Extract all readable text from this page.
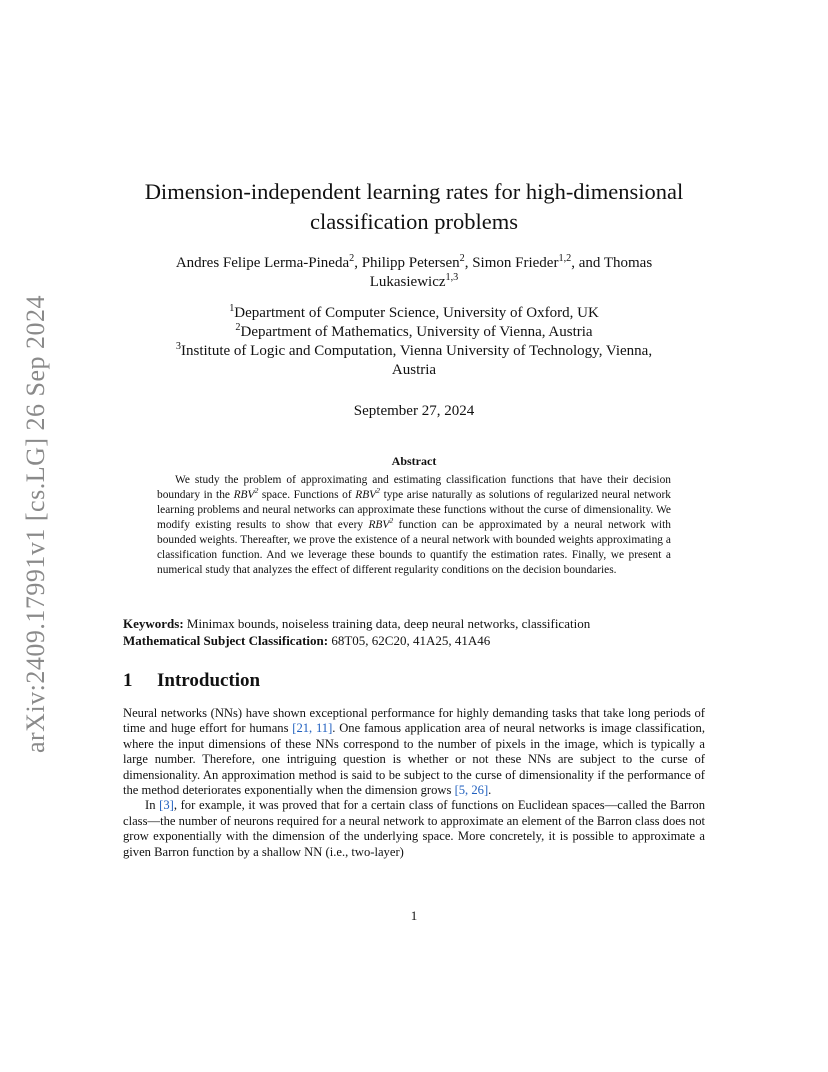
arXiv:2409.17991v1 [cs.LG] 26 Sep 2024
Dimension-independent learning rates for high-dimensional
classification problems
Andres Felipe Lerma-Pineda$^2$, Philipp Petersen$^2$, Simon Frieder$^{1,2}$, and Thomas
Lukasiewicz$^{1,3}$
$^1$Department of Computer Science, University of Oxford, UK
$^2$Department of Mathematics, University of Vienna, Austria
$^3$Institute of Logic and Computation, Vienna University of Technology, Vienna,
Austria
September 27, 2024
Abstract
We study the problem of approximating and estimating classification functions that have their decision boundary in the RBV$^2$ space. Functions of RBV$^2$ type arise naturally as solutions of regularized neural network learning problems and neural networks can approximate these functions without the curse of dimensionality. We modify existing results to show that every RBV$^2$ function can be approximated by a neural network with bounded weights. Thereafter, we prove the existence of a neural network with bounded weights approximating a classification function. And we leverage these bounds to quantify the estimation rates. Finally, we present a numerical study that analyzes the effect of different regularity conditions on the decision boundaries.
Keywords: Minimax bounds, noiseless training data, deep neural networks, classification
Mathematical Subject Classification: 68T05, 62C20, 41A25, 41A46
1 Introduction

Neural networks (NNs) have shown exceptional performance for highly demanding tasks that take long periods of time and huge effort for humans [21, 11]. One famous application area of neural networks is image classification, where the input dimensions of these NNs correspond to the number of pixels in the image, which is typically a large number. Therefore, one intriguing question is whether or not these NNs are subject to the curse of dimensionality. An approximation method is said to be subject to the curse of dimensionality if the performance of the method deteriorates exponentially when the dimension grows [5, 26].

In [3], for example, it was proved that for a certain class of functions on Euclidean spaces—called the Barron class—the number of neurons required for a neural network to approximate an element of the Barron class does not grow exponentially with the dimension of the underlying space. More concretely, it is possible to approximate a given Barron function by a shallow NN (i.e., two-layer)

1
